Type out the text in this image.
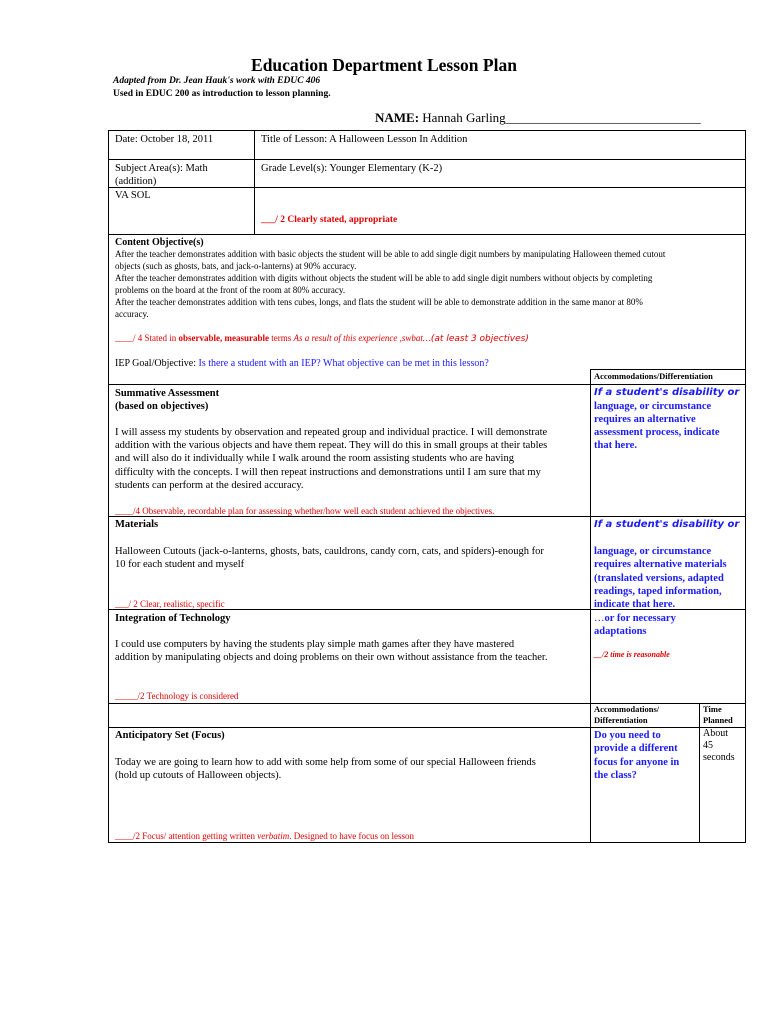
Education Department Lesson Plan
Adapted from Dr. Jean Hauk's work with EDUC 406
Used in EDUC 200 as introduction to lesson planning.
NAME: Hannah Garling______________________________
Date: October 18, 2011	Title of Lesson: A Halloween Lesson In Addition
Subject Area(s): Math
(addition)
Grade Level(s): Younger Elementary (K-2)
VA SOL
___/ 2 Clearly stated, appropriate
Content Objective(s)
After the teacher demonstrates addition with basic objects the student will be able to add single digit numbers by manipulating Halloween themed cutout
objects (such as ghosts, bats, and jack-o-lanterns) at 90% accuracy.
After the teacher demonstrates addition with digits without objects the student will be able to add single digit numbers without objects by completing
problems on the board at the front of the room at 80% accuracy.
After the teacher demonstrates addition with tens cubes, longs, and flats the student will be able to demonstrate addition in the same manor at 80%
accuracy.
____/ 4 Stated in observable, measurable terms As a result of this experience ,swbat…(at least 3 objectives)
IEP Goal/Objective: Is there a student with an IEP? What objective can be met in this lesson?
Accommodations/Differentiation
Summative Assessment
(based on objectives)
I will assess my students by observation and repeated group and individual practice. I will demonstrate
addition with the various objects and have them repeat. They will do this in small groups at their tables
and will also do it individually while I walk around the room assisting students who are having
difficulty with the concepts. I will then repeat instructions and demonstrations until I am sure that my
students can perform at the desired accuracy.
____/4 Observable, recordable plan for assessing whether/how well each student achieved the objectives.
If a student's disability or
language, or circumstance
requires an alternative
assessment process, indicate
that here.
Materials
Halloween Cutouts (jack-o-lanterns, ghosts, bats, cauldrons, candy corn, cats, and spiders)-enough for
10 for each student and myself
___/ 2 Clear, realistic, specific
If a student's disability or
language, or circumstance
requires alternative materials
(translated versions, adapted
readings, taped information,
indicate that here.
Integration of Technology
I could use computers by having the students play simple math games after they have mastered
addition by manipulating objects and doing problems on their own without assistance from the teacher.
_____/2 Technology is considered
…or for necessary
adaptations
__/2 time is reasonable
Accommodations/
Differentiation
Time
Planned
Anticipatory Set (Focus)
Today we are going to learn how to add with some help from some of our special Halloween friends
(hold up cutouts of Halloween objects).
____/2 Focus/ attention getting written verbatim. Designed to have focus on lesson
Do you need to
provide a different
focus for anyone in
the class?
About
45
seconds
